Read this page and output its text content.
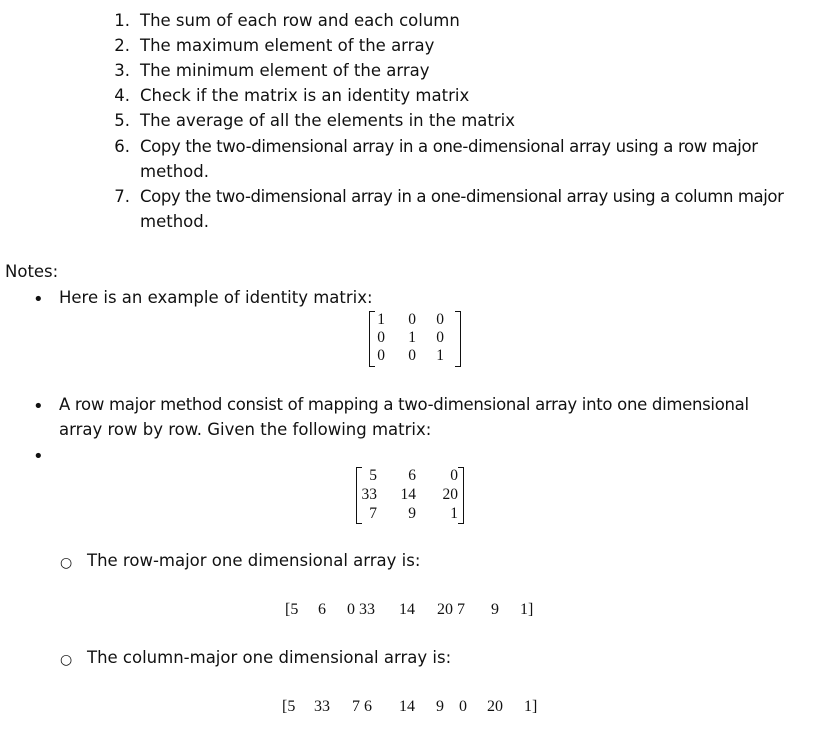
1. The sum of each row and each column
2. The maximum element of the array
3. The minimum element of the array
4. Check if the matrix is an identity matrix
5. The average of all the elements in the matrix
6. Copy the two-dimensional array in a one-dimensional array using a row major
method.
7. Copy the two-dimensional array in a one-dimensional array using a column major
method.
Notes:
• Here is an example of identity matrix:
1	0	0
0	1	0
0	0	1
• A row major method consist of mapping a two-dimensional array into one dimensional
array row by row. Given the following matrix:
•
5	6	0
33	14	20
7	9	1
○ The row-major one dimensional array is:
[5 6 0 33 14 20 7 9 1]
○ The column-major one dimensional array is:
[5 33 7 6 14 9 0 20 1]
